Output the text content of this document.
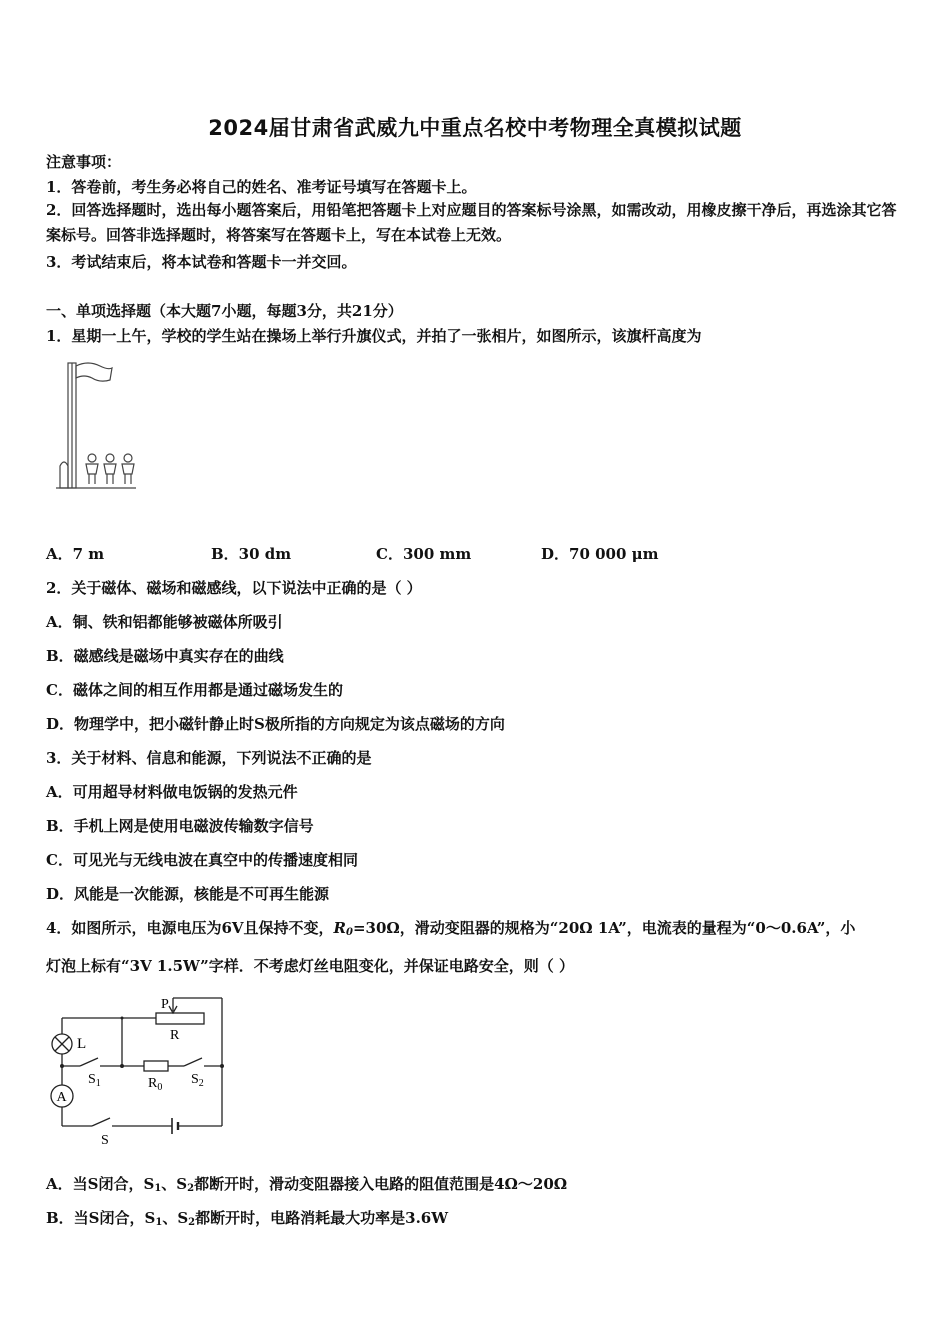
2024届甘肃省武威九中重点名校中考物理全真模拟试题
注意事项：
1．答卷前，考生务必将自己的姓名、准考证号填写在答题卡上。
2．回答选择题时，选出每小题答案后，用铅笔把答题卡上对应题目的答案标号涂黑，如需改动，用橡皮擦干净后，再选涂其它答案标号。回答非选择题时，将答案写在答题卡上，写在本试卷上无效。
3．考试结束后，将本试卷和答题卡一并交回。
一、单项选择题（本大题7小题，每题3分，共21分）
1．星期一上午，学校的学生站在操场上举行升旗仪式，并拍了一张相片，如图所示，该旗杆高度为
A．7 m	B．30 dm	C．300 mm	D．70 000 μm
2．关于磁体、磁场和磁感线，以下说法中正确的是（ ）
A．铜、铁和铝都能够被磁体所吸引
B．磁感线是磁场中真实存在的曲线
C．磁体之间的相互作用都是通过磁场发生的
D．物理学中，把小磁针静止时S极所指的方向规定为该点磁场的方向
3．关于材料、信息和能源，下列说法不正确的是
A．可用超导材料做电饭锅的发热元件
B．手机上网是使用电磁波传输数字信号
C．可见光与无线电波在真空中的传播速度相同
D．风能是一次能源，核能是不可再生能源
4．如图所示，电源电压为6V且保持不变，$R_0=30\Omega$，滑动变阻器的规格为“20Ω 1A”，电流表的量程为“0～0.6A”，小
灯泡上标有“3V 1.5W”字样．不考虑灯丝电阻变化，并保证电路安全，则（ ）
P
R
L
A
$S_1$	$R_0$
$S_2$
S
A．当S闭合，$S_1$、$S_2$都断开时，滑动变阻器接入电路的阻值范围是4Ω～20Ω
B．当S闭合，$S_1$、$S_2$都断开时，电路消耗最大功率是3.6W
